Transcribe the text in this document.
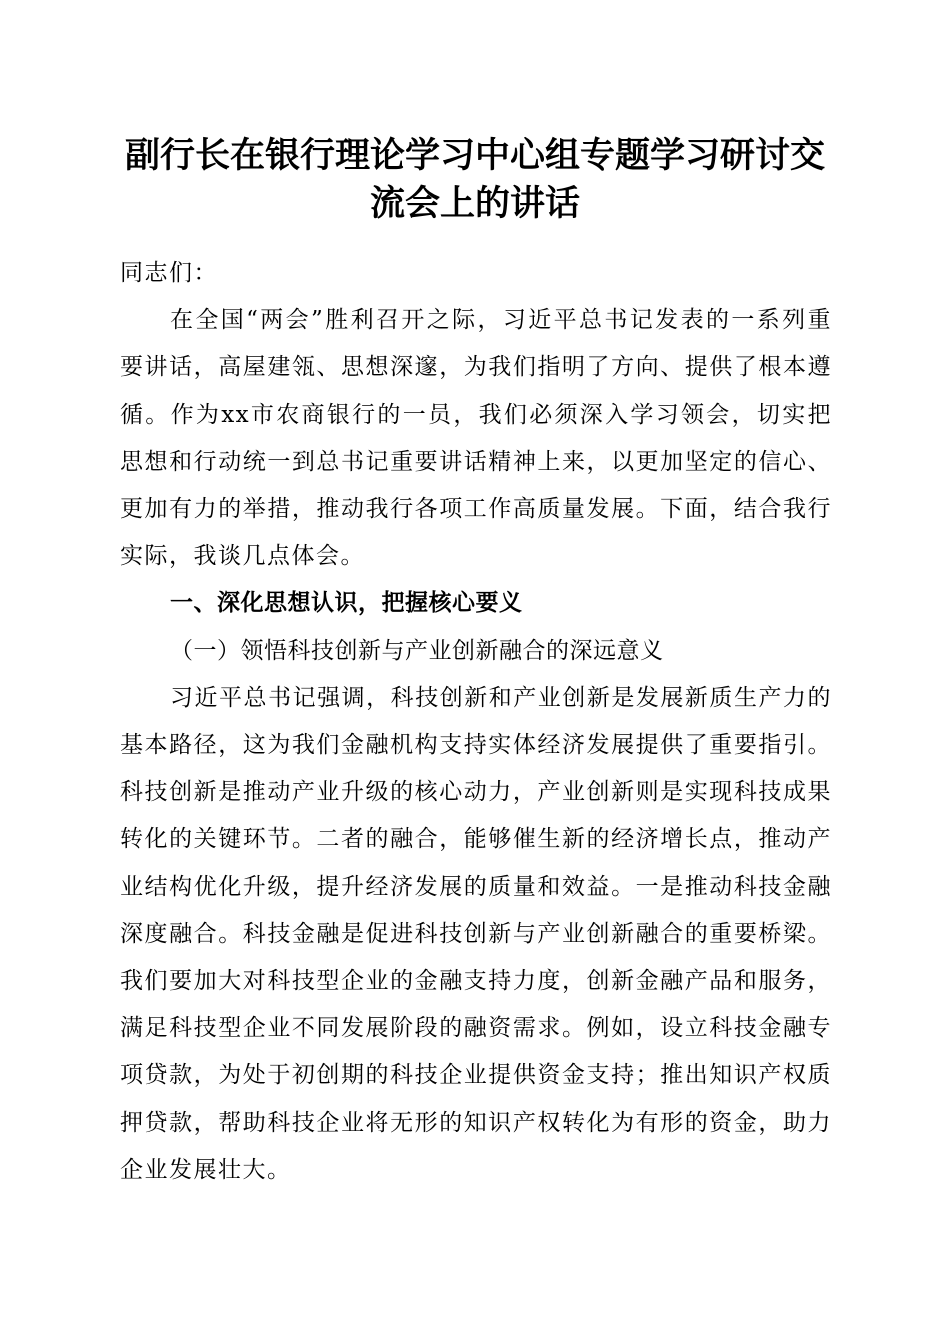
副行长在银行理论学习中心组专题学习研讨交
流会上的讲话

同志们：

在全国“两会”胜利召开之际，习近平总书记发表的一系列重要讲话，高屋建瓴、思想深邃，为我们指明了方向、提供了根本遵循。作为xx市农商银行的一员，我们必须深入学习领会，切实把思想和行动统一到总书记重要讲话精神上来，以更加坚定的信心、更加有力的举措，推动我行各项工作高质量发展。下面，结合我行实际，我谈几点体会。

一、深化思想认识，把握核心要义

（一）领悟科技创新与产业创新融合的深远意义

习近平总书记强调，科技创新和产业创新是发展新质生产力的基本路径，这为我们金融机构支持实体经济发展提供了重要指引。科技创新是推动产业升级的核心动力，产业创新则是实现科技成果转化的关键环节。二者的融合，能够催生新的经济增长点，推动产业结构优化升级，提升经济发展的质量和效益。一是推动科技金融深度融合。科技金融是促进科技创新与产业创新融合的重要桥梁。我们要加大对科技型企业的金融支持力度，创新金融产品和服务，满足科技型企业不同发展阶段的融资需求。例如，设立科技金融专项贷款，为处于初创期的科技企业提供资金支持；推出知识产权质押贷款，帮助科技企业将无形的知识产权转化为有形的资金，助力企业发展壮大。
